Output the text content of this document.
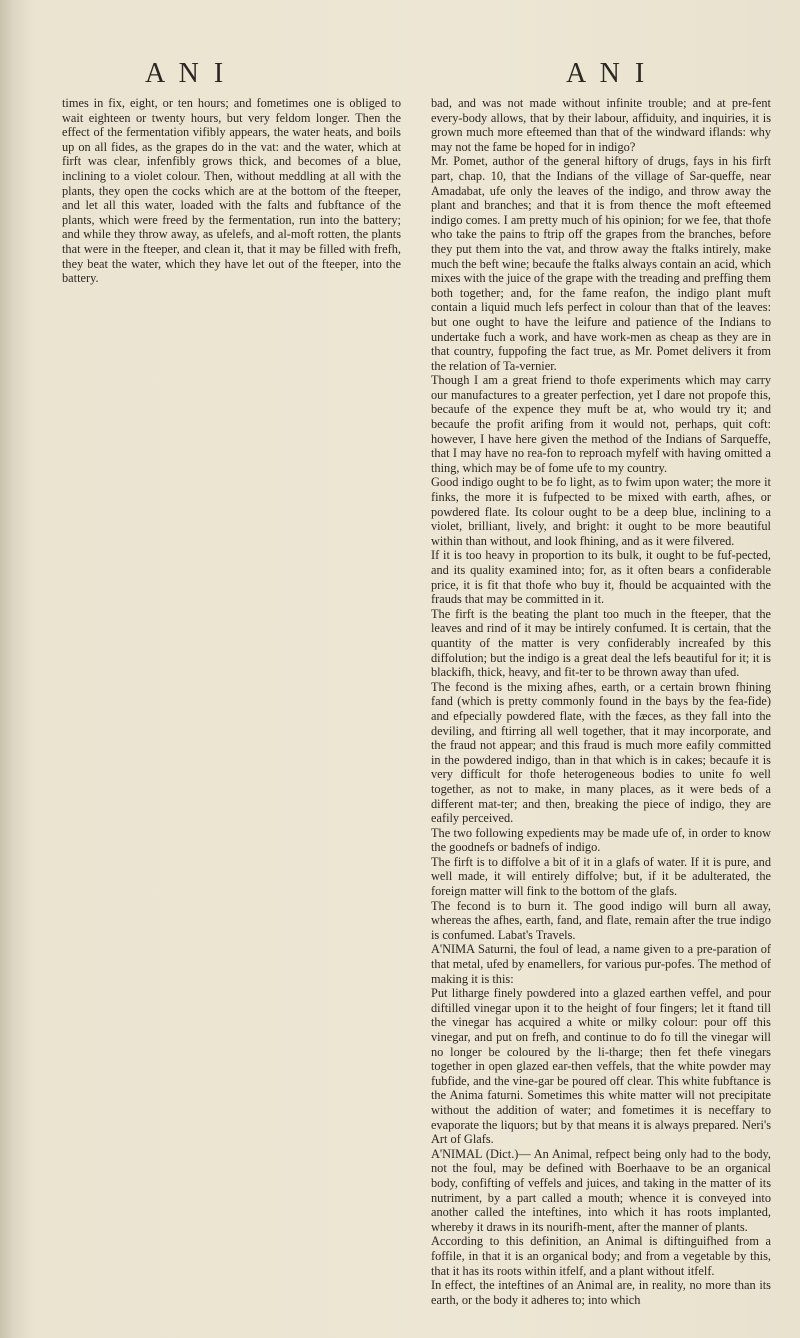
A N I	A N I

times in fix, eight, or ten hours; and fometimes one is obliged to wait eighteen or twenty hours, but very feldom longer. Then the effect of the fermentation vifibly appears, the water heats, and boils up on all fides, as the grapes do in the vat: and the water, which at firft was clear, infenfibly grows thick, and becomes of a blue, inclining to a violet colour. Then, without meddling at all with the plants, they open the cocks which are at the bottom of the fteeper, and let all this water, loaded with the falts and fubftance of the plants, which were freed by the fermentation, run into the battery; and while they throw away, as ufelefs, and al-moft rotten, the plants that were in the fteeper, and clean it, that it may be filled with frefh, they beat the water, which they have let out of the fteeper, into the battery.

bad, and was not made without infinite trouble; and at pre-fent every-body allows, that by their labour, affiduity, and inquiries, it is grown much more efteemed than that of the windward iflands: why may not the fame be hoped for in indigo?

Mr. Pomet, author of the general hiftory of drugs, fays in his firft part, chap. 10, that the Indians of the village of Sar-queffe, near Amadabat, ufe only the leaves of the indigo, and throw away the plant and branches; and that it is from thence the moft efteemed indigo comes. I am pretty much of his opinion; for we fee, that thofe who take the pains to ftrip off the grapes from the branches, before they put them into the vat, and throw away the ftalks intirely, make much the beft wine; becaufe the ftalks always contain an acid, which mixes with the juice of the grape with the treading and preffing them both together; and, for the fame reafon, the indigo plant muft contain a liquid much lefs perfect in colour than that of the leaves: but one ought to have the leifure and patience of the Indians to undertake fuch a work, and have work-men as cheap as they are in that country, fuppofing the fact true, as Mr. Pomet delivers it from the relation of Ta-vernier.

Though I am a great friend to thofe experiments which may carry our manufactures to a greater perfection, yet I dare not propofe this, becaufe of the expence they muft be at, who would try it; and becaufe the profit arifing from it would not, perhaps, quit coft: however, I have here given the method of the Indians of Sarqueffe, that I may have no rea-fon to reproach myfelf with having omitted a thing, which may be of fome ufe to my country.

Good indigo ought to be fo light, as to fwim upon water; the more it finks, the more it is fufpected to be mixed with earth, afhes, or powdered flate. Its colour ought to be a deep blue, inclining to a violet, brilliant, lively, and bright: it ought to be more beautiful within than without, and look fhining, and as it were filvered.

If it is too heavy in proportion to its bulk, it ought to be fuf-pected, and its quality examined into; for, as it often bears a confiderable price, it is fit that thofe who buy it, fhould be acquainted with the frauds that may be committed in it.

The firft is the beating the plant too much in the fteeper, that the leaves and rind of it may be intirely confumed. It is certain, that the quantity of the matter is very confiderably increafed by this diffolution; but the indigo is a great deal the lefs beautiful for it; it is blackifh, thick, heavy, and fit-ter to be thrown away than ufed.

The fecond is the mixing afhes, earth, or a certain brown fhining fand (which is pretty commonly found in the bays by the fea-fide) and efpecially powdered flate, with the fæces, as they fall into the deviling, and ftirring all well together, that it may incorporate, and the fraud not appear; and this fraud is much more eafily committed in the powdered indigo, than in that which is in cakes; becaufe it is very difficult for thofe heterogeneous bodies to unite fo well together, as not to make, in many places, as it were beds of a different mat-ter; and then, breaking the piece of indigo, they are eafily perceived.

The two following expedients may be made ufe of, in order to know the goodnefs or badnefs of indigo.

The firft is to diffolve a bit of it in a glafs of water. If it is pure, and well made, it will entirely diffolve; but, if it be adulterated, the foreign matter will fink to the bottom of the glafs.

The fecond is to burn it. The good indigo will burn all away, whereas the afhes, earth, fand, and flate, remain after the true indigo is confumed. Labat's Travels.

A'NIMA Saturni, the foul of lead, a name given to a pre-paration of that metal, ufed by enamellers, for various pur-pofes. The method of making it is this:

Put litharge finely powdered into a glazed earthen veffel, and pour diftilled vinegar upon it to the height of four fingers; let it ftand till the vinegar has acquired a white or milky colour: pour off this vinegar, and put on frefh, and continue to do fo till the vinegar will no longer be coloured by the li-tharge; then fet thefe vinegars together in open glazed ear-then veffels, that the white powder may fubfide, and the vine-gar be poured off clear. This white fubftance is the Anima faturni. Sometimes this white matter will not precipitate without the addition of water; and fometimes it is neceffary to evaporate the liquors; but by that means it is always prepared. Neri's Art of Glafs.

A'NIMAL (Dict.)— An Animal, refpect being only had to the body, not the foul, may be defined with Boerhaave to be an organical body, confifting of veffels and juices, and taking in the matter of its nutriment, by a part called a mouth; whence it is conveyed into another called the inteftines, into which it has roots implanted, whereby it draws in its nourifh-ment, after the manner of plants.

According to this definition, an Animal is diftinguifhed from a foffile, in that it is an organical body; and from a vegetable by this, that it has its roots within itfelf, and a plant without itfelf.

In effect, the inteftines of an Animal are, in reality, no more than its earth, or the body it adheres to; into which
